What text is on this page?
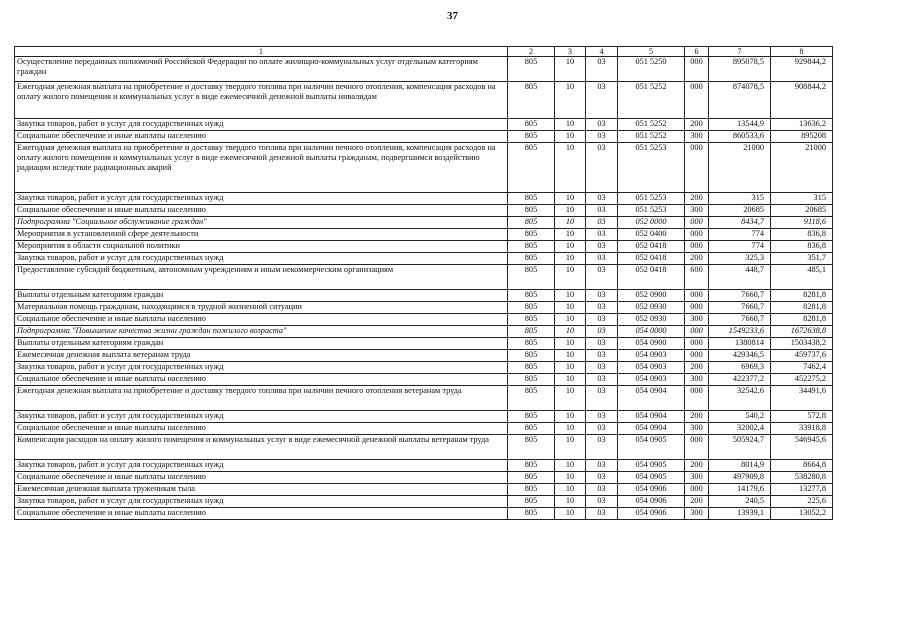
37
1	2	3	4	5	6	7	8
Осуществление переданных полномочий Российской Федерации по оплате жилищно-коммунальных услуг отдельным категориям граждан	805	10	03	051 5250	000	895078,5	929844,2
Ежегодная денежная выплата на приобретение и доставку твердого топлива при наличии печного отопления, компенсация расходов на оплату жилого помещения и коммунальных услуг в виде ежемесячной денежной выплаты инвалидам	805	10	03	051 5252	000	874078,5	908844,2
Закупка товаров, работ и услуг для государственных нужд	805	10	03	051 5252	200	13544,9	13636,2
Социальное обеспечение и иные выплаты населению	805	10	03	051 5252	300	860533,6	895208
Ежегодная денежная выплата на приобретение и доставку твердого топлива при наличии печного отопления, компенсация расходов на оплату жилого помещения и коммунальных услуг в виде ежемесячной денежной выплаты гражданам, подвергшимся воздействию радиации вследствие радиационных аварий	805	10	03	051 5253	000	21000	21000
Закупка товаров, работ и услуг для государственных нужд	805	10	03	051 5253	200	315	315
Социальное обеспечение и иные выплаты населению	805	10	03	051 5253	300	20685	20685
Подпрограмма "Социальное обслуживание граждан"	805	10	03	052 0000	000	8434,7	9118,6
Мероприятия в установленной сфере деятельности	805	10	03	052 0400	000	774	836,8
Мероприятия в области социальной политики	805	10	03	052 0418	000	774	836,8
Закупка товаров, работ и услуг для государственных нужд	805	10	03	052 0418	200	325,3	351,7
Предоставление субсидий бюджетным, автономным учреждениям и иным некоммерческим организациям	805	10	03	052 0418	600	448,7	485,1
Выплаты отдельным категориям граждан	805	10	03	052 0900	000	7660,7	8281,8
Материальная помощь гражданам, находящимся в трудной жизненной ситуации	805	10	03	052 0930	000	7660,7	8281,8
Социальное обеспечение и иные выплаты населению	805	10	03	052 0930	300	7660,7	8281,8
Подпрограмма "Повышение качества жизни граждан пожилого возраста"	805	10	03	054 0000	000	1549233,6	1672638,8
Выплаты отдельным категориям граждан	805	10	03	054 0900	000	1380814	1503438,2
Ежемесячная денежная выплата ветеранам труда	805	10	03	054 0903	000	429346,5	459737,6
Закупка товаров, работ и услуг для государственных нужд	805	10	03	054 0903	200	6969,3	7462,4
Социальное обеспечение и иные выплаты населению	805	10	03	054 0903	300	422377,2	452275,2
Ежегодная денежная выплата на приобретение и доставку твердого топлива при наличии печного отопления ветеранам труда	805	10	03	054 0904	000	32542,6	34491,6
Закупка товаров, работ и услуг для государственных нужд	805	10	03	054 0904	200	540,2	572,8
Социальное обеспечение и иные выплаты населению	805	10	03	054 0904	300	32002,4	33918,8
Компенсация расходов на оплату жилого помещения и коммунальных услуг в виде ежемесячной денежной выплаты ветеранам труда	805	10	03	054 0905	000	505924,7	546945,6
Закупка товаров, работ и услуг для государственных нужд	805	10	03	054 0905	200	8014,9	8664,8
Социальное обеспечение и иные выплаты населению	805	10	03	054 0905	300	497909,8	538280,8
Ежемесячная денежная выплата труженикам тыла	805	10	03	054 0906	000	14179,6	13277,8
Закупка товаров, работ и услуг для государственных нужд	805	10	03	054 0906	200	240,5	225,6
Социальное обеспечение и иные выплаты населению	805	10	03	054 0906	300	13939,1	13052,2
